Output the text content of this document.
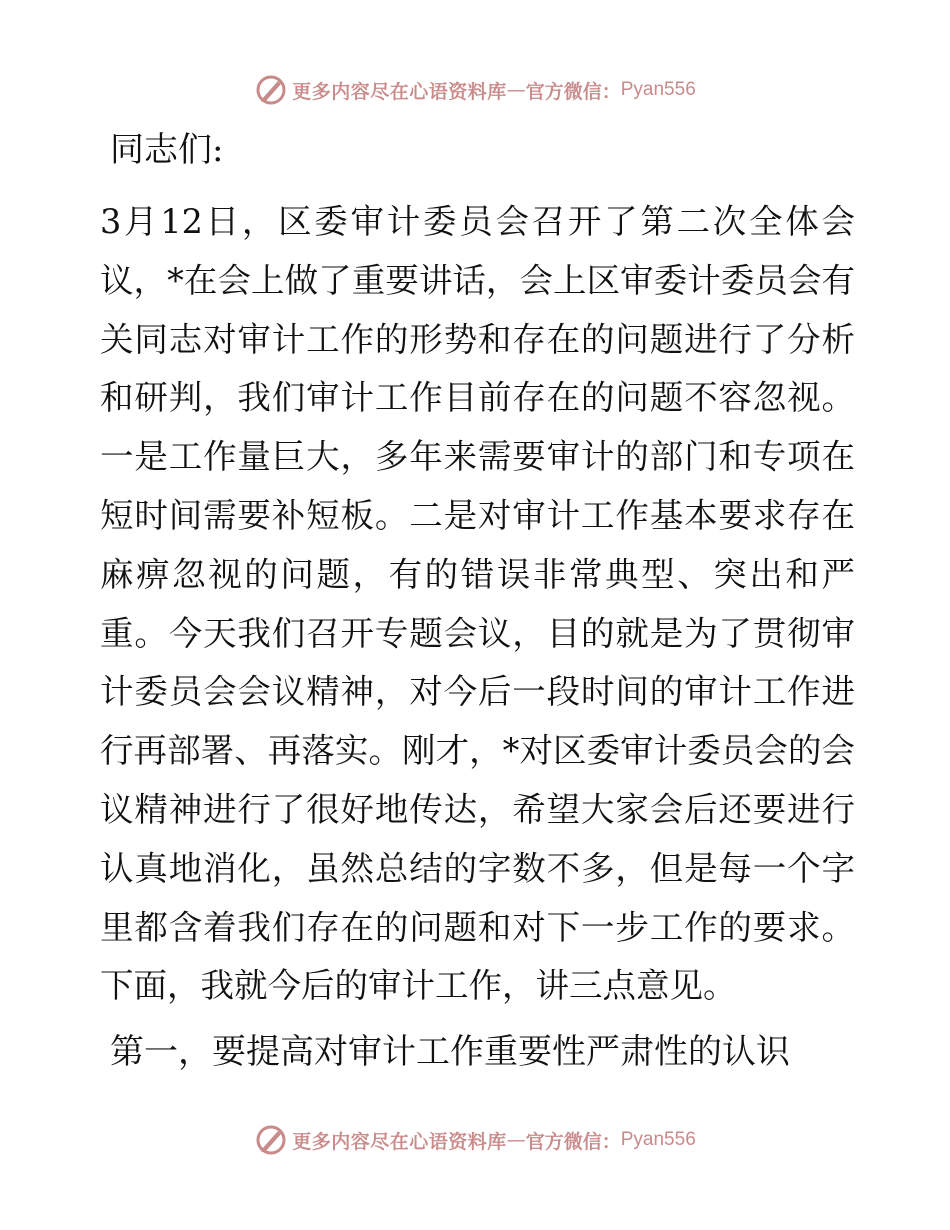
更多内容尽在心语资料库 — 官方微信： Pyan556
同志们:
3月12日，区委审计委员会召开了第二次全体会议，*在会上做了重要讲话，会上区审委计委员会有关同志对审计工作的形势和存在的问题进行了分析和研判，我们审计工作目前存在的问题不容忽视。一是工作量巨大，多年来需要审计的部门和专项在短时间需要补短板。二是对审计工作基本要求存在麻痹忽视的问题，有的错误非常典型、突出和严重。今天我们召开专题会议，目的就是为了贯彻审计委员会会议精神，对今后一段时间的审计工作进行再部署、再落实。刚才，*对区委审计委员会的会议精神进行了很好地传达，希望大家会后还要进行认真地消化，虽然总结的字数不多，但是每一个字里都含着我们存在的问题和对下一步工作的要求。下面，我就今后的审计工作，讲三点意见。
第一，要提高对审计工作重要性严肃性的认识
更多内容尽在心语资料库 — 官方微信： Pyan556
